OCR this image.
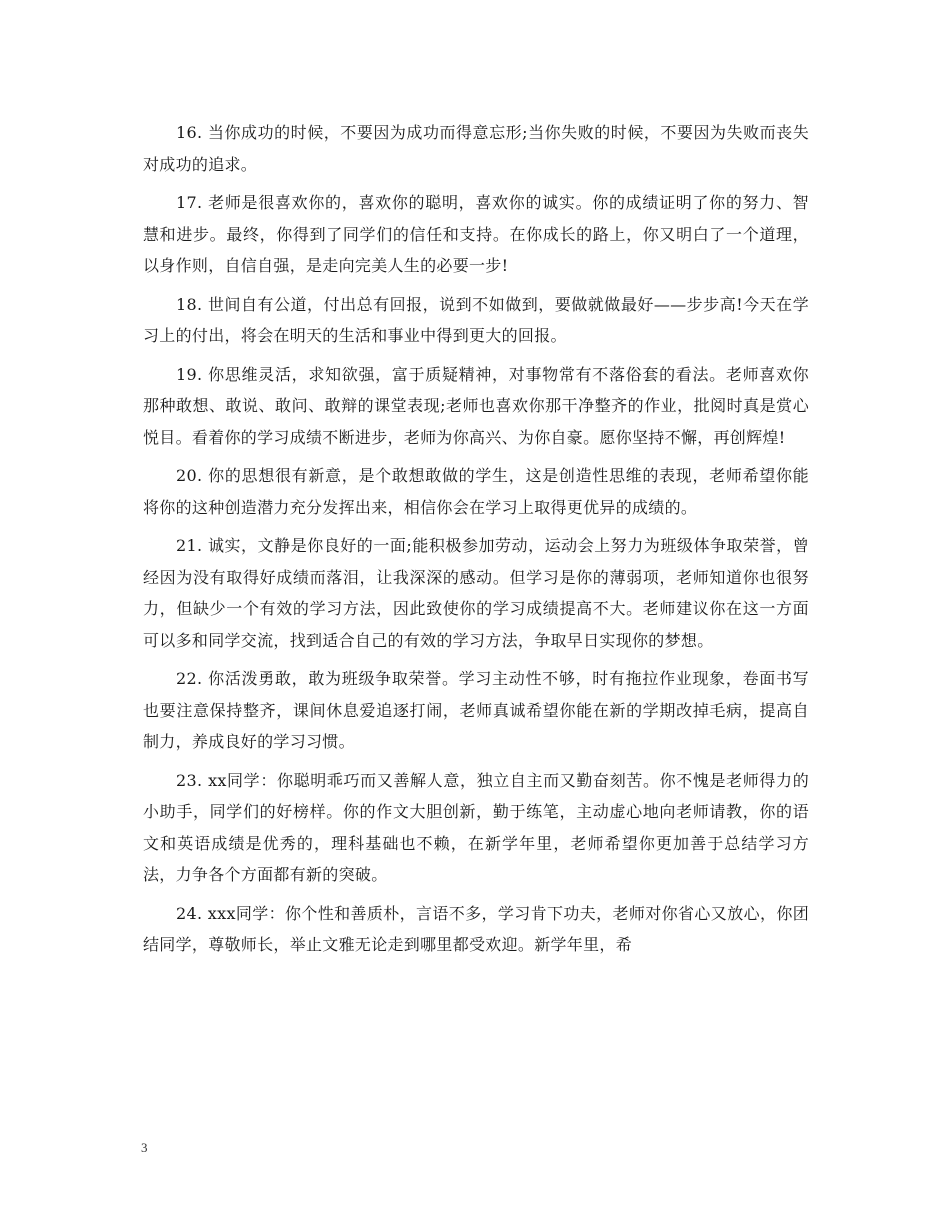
16. 当你成功的时候，不要因为成功而得意忘形;当你失败的时候，不要因为失败而丧失对成功的追求。

17. 老师是很喜欢你的，喜欢你的聪明，喜欢你的诚实。你的成绩证明了你的努力、智慧和进步。最终，你得到了同学们的信任和支持。在你成长的路上，你又明白了一个道理，以身作则，自信自强，是走向完美人生的必要一步!

18. 世间自有公道，付出总有回报，说到不如做到，要做就做最好——步步高!今天在学习上的付出，将会在明天的生活和事业中得到更大的回报。

19. 你思维灵活，求知欲强，富于质疑精神，对事物常有不落俗套的看法。老师喜欢你那种敢想、敢说、敢问、敢辩的课堂表现;老师也喜欢你那干净整齐的作业，批阅时真是赏心悦目。看着你的学习成绩不断进步，老师为你高兴、为你自豪。愿你坚持不懈，再创辉煌!

20. 你的思想很有新意，是个敢想敢做的学生，这是创造性思维的表现，老师希望你能将你的这种创造潜力充分发挥出来，相信你会在学习上取得更优异的成绩的。

21. 诚实，文静是你良好的一面;能积极参加劳动，运动会上努力为班级体争取荣誉，曾经因为没有取得好成绩而落泪，让我深深的感动。但学习是你的薄弱项，老师知道你也很努力，但缺少一个有效的学习方法，因此致使你的学习成绩提高不大。老师建议你在这一方面可以多和同学交流，找到适合自己的有效的学习方法，争取早日实现你的梦想。

22. 你活泼勇敢，敢为班级争取荣誉。学习主动性不够，时有拖拉作业现象，卷面书写也要注意保持整齐，课间休息爱追逐打闹，老师真诚希望你能在新的学期改掉毛病，提高自制力，养成良好的学习习惯。

23. xx同学：你聪明乖巧而又善解人意，独立自主而又勤奋刻苦。你不愧是老师得力的小助手，同学们的好榜样。你的作文大胆创新，勤于练笔，主动虚心地向老师请教，你的语文和英语成绩是优秀的，理科基础也不赖，在新学年里，老师希望你更加善于总结学习方法，力争各个方面都有新的突破。

24. xxx同学：你个性和善质朴，言语不多，学习肯下功夫，老师对你省心又放心，你团结同学，尊敬师长，举止文雅无论走到哪里都受欢迎。新学年里，希

3
